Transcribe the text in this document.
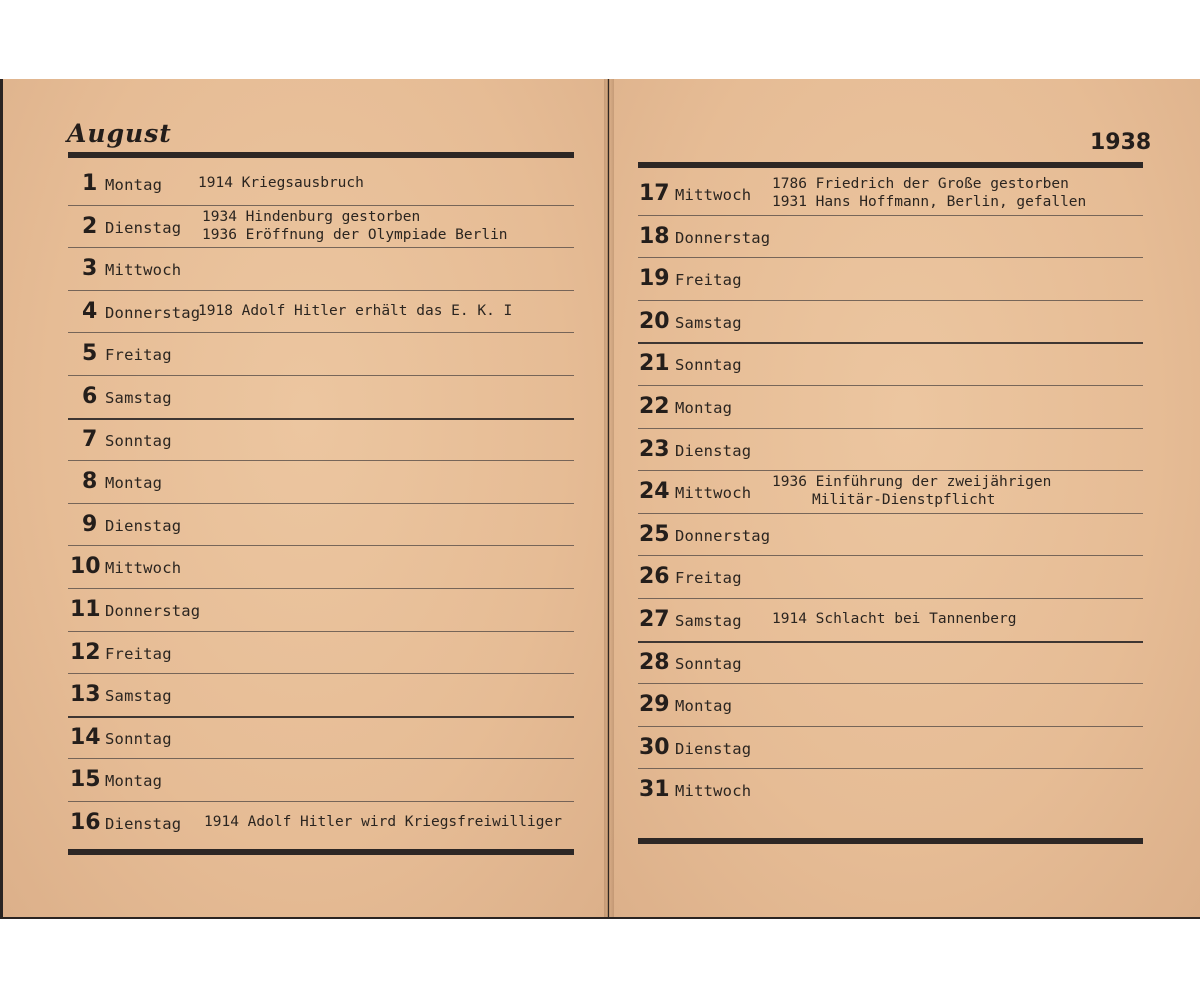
August	1938
1 Montag 1914 Kriegsausbruch
2 Dienstag
1934 Hindenburg gestorben
1936 Eröffnung der Olympiade Berlin
3 Mittwoch
4 Donnerstag
1918 Adolf Hitler erhält das E. K. I
5 Freitag
6 Samstag
7 Sonntag
8 Montag
9 Dienstag
10 Mittwoch
11 Donnerstag
12 Freitag
13 Samstag
14 Sonntag
15 Montag
16 Dienstag 1914 Adolf Hitler wird Kriegsfreiwilliger
17 Mittwoch
1786 Friedrich der Große gestorben
1931 Hans Hoffmann, Berlin, gefallen
18 Donnerstag
19 Freitag
20 Samstag
21 Sonntag
22 Montag
23 Dienstag
24 Mittwoch
1936 Einführung der zweijährigen
Militär-Dienstpflicht
25 Donnerstag
26 Freitag
27 Samstag 1914 Schlacht bei Tannenberg
28 Sonntag
29 Montag
30 Dienstag
31 Mittwoch
